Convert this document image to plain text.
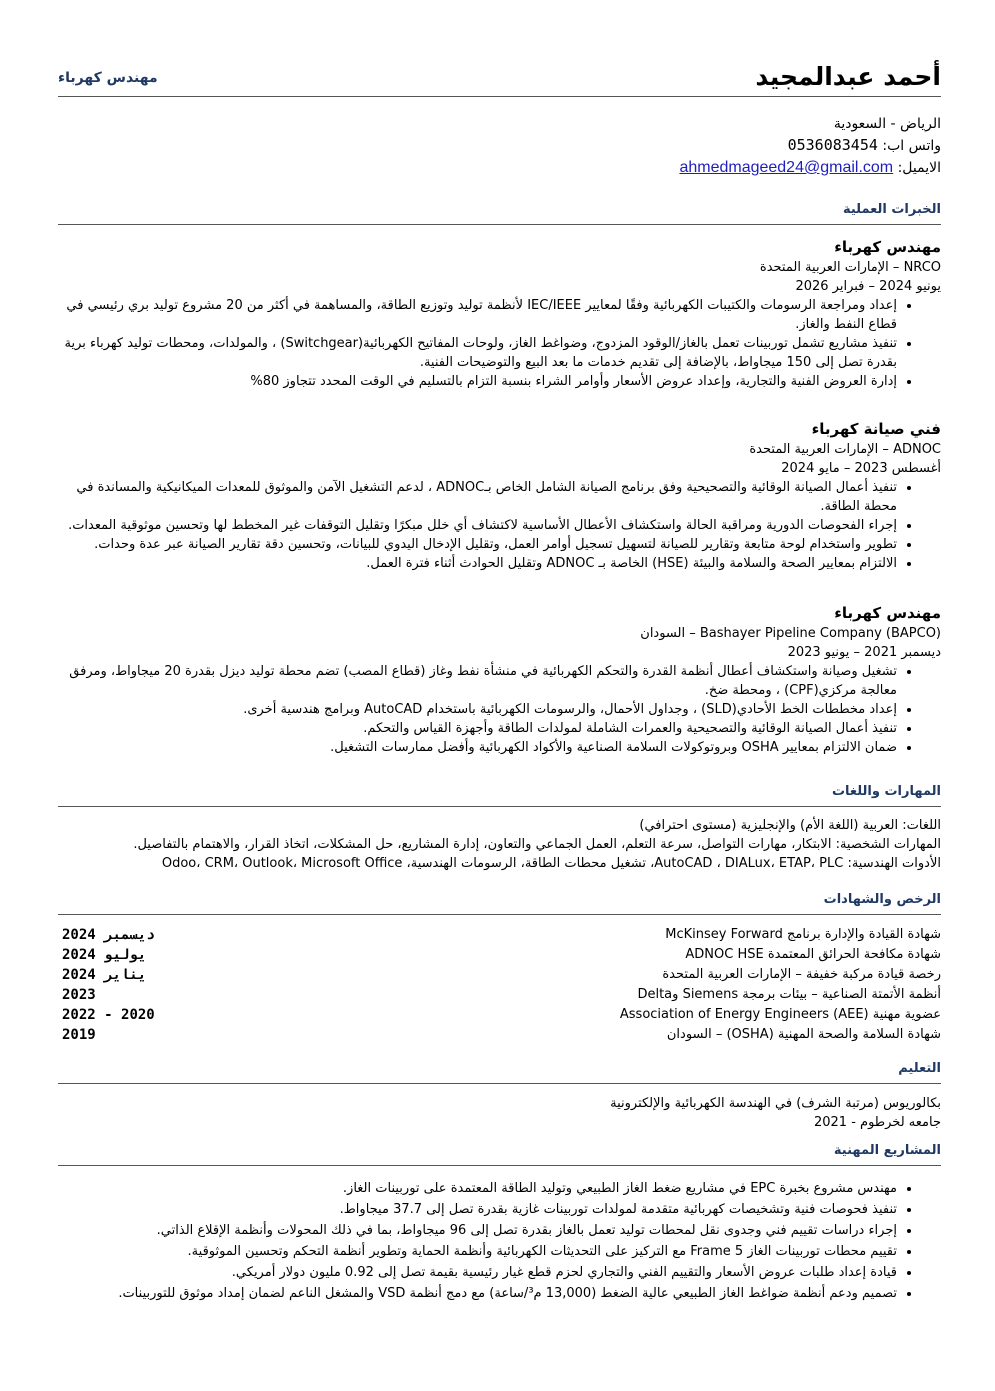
أحمد عبدالمجيد
مهندس كهرباء
الرياض - السعودية
واتس اب: 0536083454
الايميل: ahmedmageed24@gmail.com
الخبرات العملية
مهندس كهرباء
NRCO – الإمارات العربية المتحدة
يونيو 2024 – فبراير 2026
• إعداد ومراجعة الرسومات والكتيبات الكهربائية وفقًا لمعايير IEC/IEEE لأنظمة توليد وتوزيع الطاقة، والمساهمة في أكثر من 20 مشروع توليد بري رئيسي في قطاع النفط والغاز.
• تنفيذ مشاريع تشمل توربينات تعمل بالغاز/الوقود المزدوج، وضواغط الغاز، ولوحات المفاتيح الكهربائية(Switchgear) ، والمولدات، ومحطات توليد كهرباء برية بقدرة تصل إلى 150 ميجاواط، بالإضافة إلى تقديم خدمات ما بعد البيع والتوضيحات الفنية.
• إدارة العروض الفنية والتجارية، وإعداد عروض الأسعار وأوامر الشراء بنسبة التزام بالتسليم في الوقت المحدد تتجاوز 80%
فني صيانة كهرباء
ADNOC – الإمارات العربية المتحدة
أغسطس 2023 – مايو 2024
• تنفيذ أعمال الصيانة الوقائية والتصحيحية وفق برنامج الصيانة الشامل الخاص بـADNOC ، لدعم التشغيل الآمن والموثوق للمعدات الميكانيكية والمساندة في محطة الطاقة.
• إجراء الفحوصات الدورية ومراقبة الحالة واستكشاف الأعطال الأساسية لاكتشاف أي خلل مبكرًا وتقليل التوقفات غير المخطط لها وتحسين موثوقية المعدات.
• تطوير واستخدام لوحة متابعة وتقارير للصيانة لتسهيل تسجيل أوامر العمل، وتقليل الإدخال اليدوي للبيانات، وتحسين دقة تقارير الصيانة عبر عدة وحدات.
• الالتزام بمعايير الصحة والسلامة والبيئة (HSE) الخاصة بـ ADNOC وتقليل الحوادث أثناء فترة العمل.
مهندس كهرباء
Bashayer Pipeline Company (BAPCO) – السودان
ديسمبر 2021 – يونيو 2023
• تشغيل وصيانة واستكشاف أعطال أنظمة القدرة والتحكم الكهربائية في منشأة نفط وغاز (قطاع المصب) تضم محطة توليد ديزل بقدرة 20 ميجاواط، ومرفق معالجة مركزي(CPF) ، ومحطة ضخ.
• إعداد مخططات الخط الأحادي(SLD) ، وجداول الأحمال، والرسومات الكهربائية باستخدام AutoCAD وبرامج هندسية أخرى.
• تنفيذ أعمال الصيانة الوقائية والتصحيحية والعمرات الشاملة لمولدات الطاقة وأجهزة القياس والتحكم.
• ضمان الالتزام بمعايير OSHA وبروتوكولات السلامة الصناعية والأكواد الكهربائية وأفضل ممارسات التشغيل.
المهارات واللغات
اللغات: العربية (اللغة الأم) والإنجليزية (مستوى احترافي)
المهارات الشخصية: الابتكار، مهارات التواصل، سرعة التعلم، العمل الجماعي والتعاون، إدارة المشاريع، حل المشكلات، اتخاذ القرار، والاهتمام بالتفاصيل.
الأدوات الهندسية: AutoCAD ، DIALux، ETAP، PLC، تشغيل محطات الطاقة، الرسومات الهندسية، Odoo، CRM، Outlook، Microsoft Office
الرخص والشهادات
شهادة القيادة والإدارة برنامج McKinsey Forward
ديسمبر 2024
شهادة مكافحة الحرائق المعتمدة ADNOC HSE
يوليو 2024
رخصة قيادة مركبة خفيفة – الإمارات العربية المتحدة
يناير 2024
أنظمة الأتمتة الصناعية – بيئات برمجة Siemens وDelta
2023
عضوية مهنية Association of Energy Engineers (AEE)
2020 - 2022
شهادة السلامة والصحة المهنية (OSHA) – السودان
2019
التعليم
بكالوريوس (مرتبة الشرف) في الهندسة الكهربائية والإلكترونية
جامعه لخرطوم - 2021
المشاريع المهنية
• مهندس مشروع بخبرة EPC في مشاريع ضغط الغاز الطبيعي وتوليد الطاقة المعتمدة على توربينات الغاز.
• تنفيذ فحوصات فنية وتشخيصات كهربائية متقدمة لمولدات توربينات غازية بقدرة تصل إلى 37.7 ميجاواط.
• إجراء دراسات تقييم فني وجدوى نقل لمحطات توليد تعمل بالغاز بقدرة تصل إلى 96 ميجاواط، بما في ذلك المحولات وأنظمة الإقلاع الذاتي.
• تقييم محطات توربينات الغاز Frame 5 مع التركيز على التحديثات الكهربائية وأنظمة الحماية وتطوير أنظمة التحكم وتحسين الموثوقية.
• قيادة إعداد طلبات عروض الأسعار والتقييم الفني والتجاري لحزم قطع غيار رئيسية بقيمة تصل إلى 0.92 مليون دولار أمريكي.
• تصميم ودعم أنظمة ضواغط الغاز الطبيعي عالية الضغط (13,000 م³/ساعة) مع دمج أنظمة VSD والمشغل الناعم لضمان إمداد موثوق للتوربينات.
